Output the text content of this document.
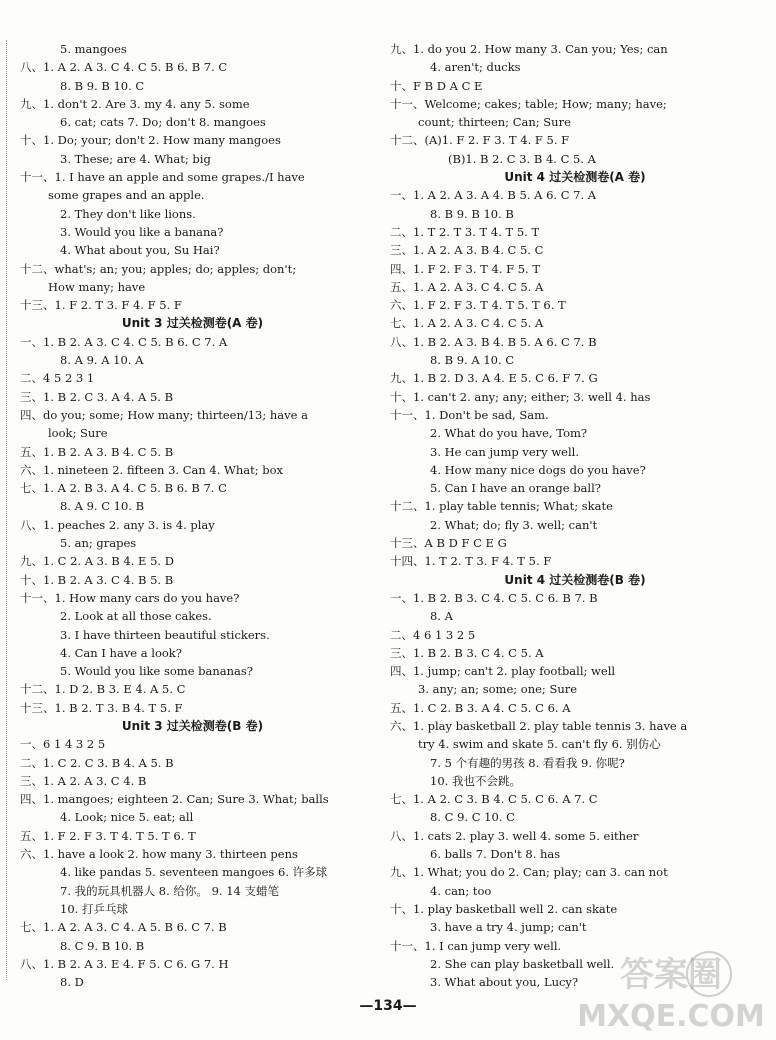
5. mangoes
八、1. A 2. A 3. C 4. C 5. B 6. B 7. C
8. B 9. B 10. C
九、1. don't 2. Are 3. my 4. any 5. some
6. cat; cats 7. Do; don't 8. mangoes
十、1. Do; your; don't 2. How many mangoes
3. These; are 4. What; big
十一、1. I have an apple and some grapes./I have
some grapes and an apple.
2. They don't like lions.
3. Would you like a banana?
4. What about you, Su Hai?
十二、what's; an; you; apples; do; apples; don't;
How many; have
十三、1. F 2. T 3. F 4. F 5. F
Unit 3 过关检测卷(A 卷)
一、1. B 2. A 3. C 4. C 5. B 6. C 7. A
8. A 9. A 10. A
二、4 5 2 3 1
三、1. B 2. C 3. A 4. A 5. B
四、do you; some; How many; thirteen/13; have a
look; Sure
五、1. B 2. A 3. B 4. C 5. B
六、1. nineteen 2. fifteen 3. Can 4. What; box
七、1. A 2. B 3. A 4. C 5. B 6. B 7. C
8. A 9. C 10. B
八、1. peaches 2. any 3. is 4. play
5. an; grapes
九、1. C 2. A 3. B 4. E 5. D
十、1. B 2. A 3. C 4. B 5. B
十一、1. How many cars do you have?
2. Look at all those cakes.
3. I have thirteen beautiful stickers.
4. Can I have a look?
5. Would you like some bananas?
十二、1. D 2. B 3. E 4. A 5. C
十三、1. B 2. T 3. B 4. T 5. F
Unit 3 过关检测卷(B 卷)
一、6 1 4 3 2 5
二、1. C 2. C 3. B 4. A 5. B
三、1. A 2. A 3. C 4. B
四、1. mangoes; eighteen 2. Can; Sure 3. What; balls
4. Look; nice 5. eat; all
五、1. F 2. F 3. T 4. T 5. T 6. T
六、1. have a look 2. how many 3. thirteen pens
4. like pandas 5. seventeen mangoes 6. 许多球
7. 我的玩具机器人 8. 给你。 9. 14 支蜡笔
10. 打乒乓球
七、1. A 2. A 3. C 4. A 5. B 6. C 7. B
8. C 9. B 10. B
八、1. B 2. A 3. E 4. F 5. C 6. G 7. H
8. D
九、1. do you 2. How many 3. Can you; Yes; can
4. aren't; ducks
十、F B D A C E
十一、Welcome; cakes; table; How; many; have;
count; thirteen; Can; Sure
十二、(A)1. F 2. F 3. T 4. F 5. F
(B)1. B 2. C 3. B 4. C 5. A
Unit 4 过关检测卷(A 卷)
一、1. A 2. A 3. A 4. B 5. A 6. C 7. A
8. B 9. B 10. B
二、1. T 2. T 3. T 4. T 5. T
三、1. A 2. A 3. B 4. C 5. C
四、1. F 2. F 3. T 4. F 5. T
五、1. A 2. A 3. C 4. C 5. A
六、1. F 2. F 3. T 4. T 5. T 6. T
七、1. A 2. A 3. C 4. C 5. A
八、1. B 2. A 3. B 4. B 5. A 6. C 7. B
8. B 9. A 10. C
九、1. B 2. D 3. A 4. E 5. C 6. F 7. G
十、1. can't 2. any; any; either; 3. well 4. has
十一、1. Don't be sad, Sam.
2. What do you have, Tom?
3. He can jump very well.
4. How many nice dogs do you have?
5. Can I have an orange ball?
十二、1. play table tennis; What; skate
2. What; do; fly 3. well; can't
十三、A B D F C E G
十四、1. T 2. T 3. F 4. T 5. F
Unit 4 过关检测卷(B 卷)
一、1. B 2. B 3. C 4. C 5. C 6. B 7. B
8. A
二、4 6 1 3 2 5
三、1. B 2. B 3. C 4. C 5. A
四、1. jump; can't 2. play football; well
3. any; an; some; one; Sure
五、1. C 2. B 3. A 4. C 5. C 6. A
六、1. play basketball 2. play table tennis 3. have a
try 4. swim and skate 5. can't fly 6. 别仿心
7. 5 个有趣的男孩 8. 看看我 9. 你呢?
10. 我也不会跳。
七、1. A 2. C 3. B 4. C 5. C 6. A 7. C
8. C 9. C 10. C
八、1. cats 2. play 3. well 4. some 5. either
6. balls 7. Don't 8. has
九、1. What; you do 2. Can; play; can 3. can not
4. can; too
十、1. play basketball well 2. can skate
3. have a try 4. jump; can't
十一、1. I can jump very well.
2. She can play basketball well.
3. What about you, Lucy?
—134—
答案圈
MXQE.COM
